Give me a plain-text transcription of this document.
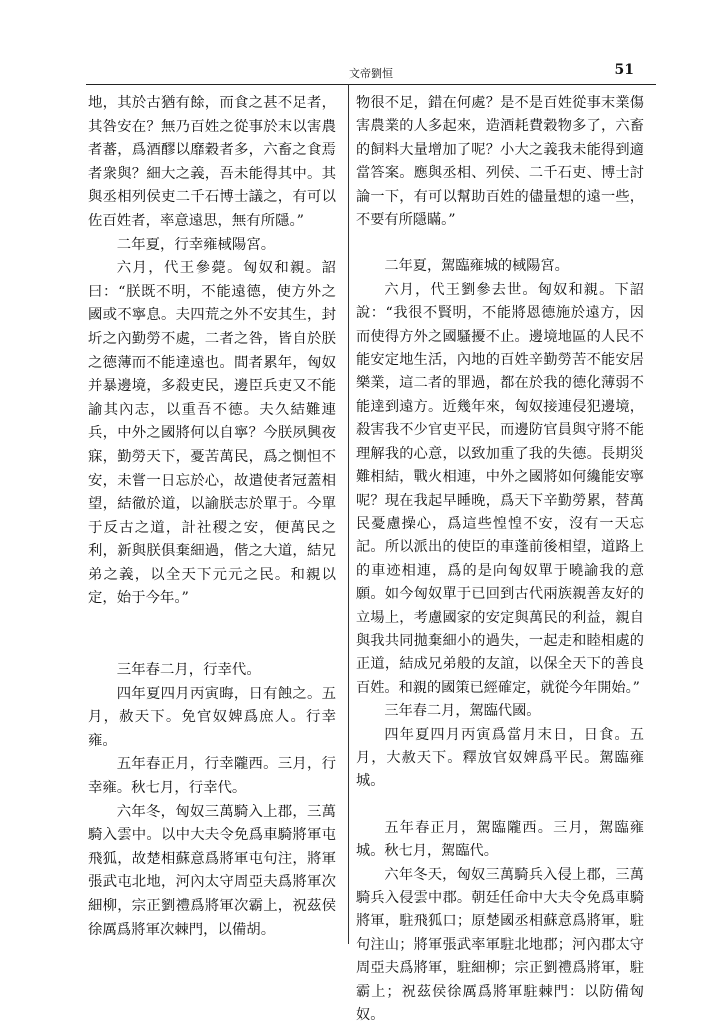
文帝劉恒	51

地，其於古猶有餘，而食之甚不足者，其咎安在？無乃百姓之從事於末以害農者蕃，爲酒醪以靡穀者多，六畜之食焉者衆與？細大之義，吾未能得其中。其與丞相列侯吏二千石博士議之，有可以佐百姓者，率意遠思，無有所隱。”

二年夏，行幸雍棫陽宮。

六月，代王參薨。匈奴和親。詔曰：“朕既不明，不能遠德，使方外之國或不寧息。夫四荒之外不安其生，封圻之內勤勞不處，二者之咎，皆自於朕之德薄而不能達遠也。間者累年，匈奴并暴邊境，多殺吏民，邊臣兵吏又不能諭其內志，以重吾不德。夫久結難連兵，中外之國將何以自寧？今朕夙興夜寐，勤勞天下，憂苦萬民，爲之惻怛不安，未嘗一日忘於心，故遣使者冠蓋相望，結徹於道，以諭朕志於單于。今單于反古之道，計社稷之安，便萬民之利，新與朕俱棄細過，偕之大道，結兄弟之義，以全天下元元之民。和親以定，始于今年。”

三年春二月，行幸代。

四年夏四月丙寅晦，日有蝕之。五月，赦天下。免官奴婢爲庶人。行幸雍。

五年春正月，行幸隴西。三月，行幸雍。秋七月，行幸代。

六年冬，匈奴三萬騎入上郡，三萬騎入雲中。以中大夫令免爲車騎將軍屯飛狐，故楚相蘇意爲將軍屯句注，將軍張武屯北地，河內太守周亞夫爲將軍次細柳，宗正劉禮爲將軍次霸上，祝茲侯徐厲爲將軍次棘門，以備胡。

物很不足，錯在何處？是不是百姓從事末業傷害農業的人多起來，造酒耗費穀物多了，六畜的飼料大量增加了呢？小大之義我未能得到適當答案。應與丞相、列侯、二千石吏、博士討論一下，有可以幫助百姓的儘量想的遠一些，不要有所隱瞞。”

二年夏，駕臨雍城的棫陽宮。

六月，代王劉參去世。匈奴和親。下詔說：“我很不賢明，不能將恩德施於遠方，因而使得方外之國騷擾不止。邊境地區的人民不能安定地生活，內地的百姓辛勤勞苦不能安居樂業，這二者的罪過，都在於我的德化薄弱不能達到遠方。近幾年來，匈奴接連侵犯邊境，殺害我不少官吏平民，而邊防官員與守將不能理解我的心意，以致加重了我的失德。長期災難相結，戰火相連，中外之國將如何纔能安寧呢？現在我起早睡晚，爲天下辛勤勞累，替萬民憂慮操心，爲這些惶惶不安，沒有一天忘記。所以派出的使臣的車蓬前後相望，道路上的車迹相連，爲的是向匈奴單于曉諭我的意願。如今匈奴單于已回到古代兩族親善友好的立場上，考慮國家的安定與萬民的利益，親自與我共同拋棄細小的過失，一起走和睦相處的正道，結成兄弟般的友誼，以保全天下的善良百姓。和親的國策已經確定，就從今年開始。”

三年春二月，駕臨代國。

四年夏四月丙寅爲當月末日，日食。五月，大赦天下。釋放官奴婢爲平民。駕臨雍城。

五年春正月，駕臨隴西。三月，駕臨雍城。秋七月，駕臨代。

六年冬天，匈奴三萬騎兵入侵上郡，三萬騎兵入侵雲中郡。朝廷任命中大夫令免爲車騎將軍，駐飛狐口；原楚國丞相蘇意爲將軍，駐句注山；將軍張武率軍駐北地郡；河內郡太守周亞夫爲將軍，駐細柳；宗正劉禮爲將軍，駐霸上；祝茲侯徐厲爲將軍駐棘門：以防備匈奴。
